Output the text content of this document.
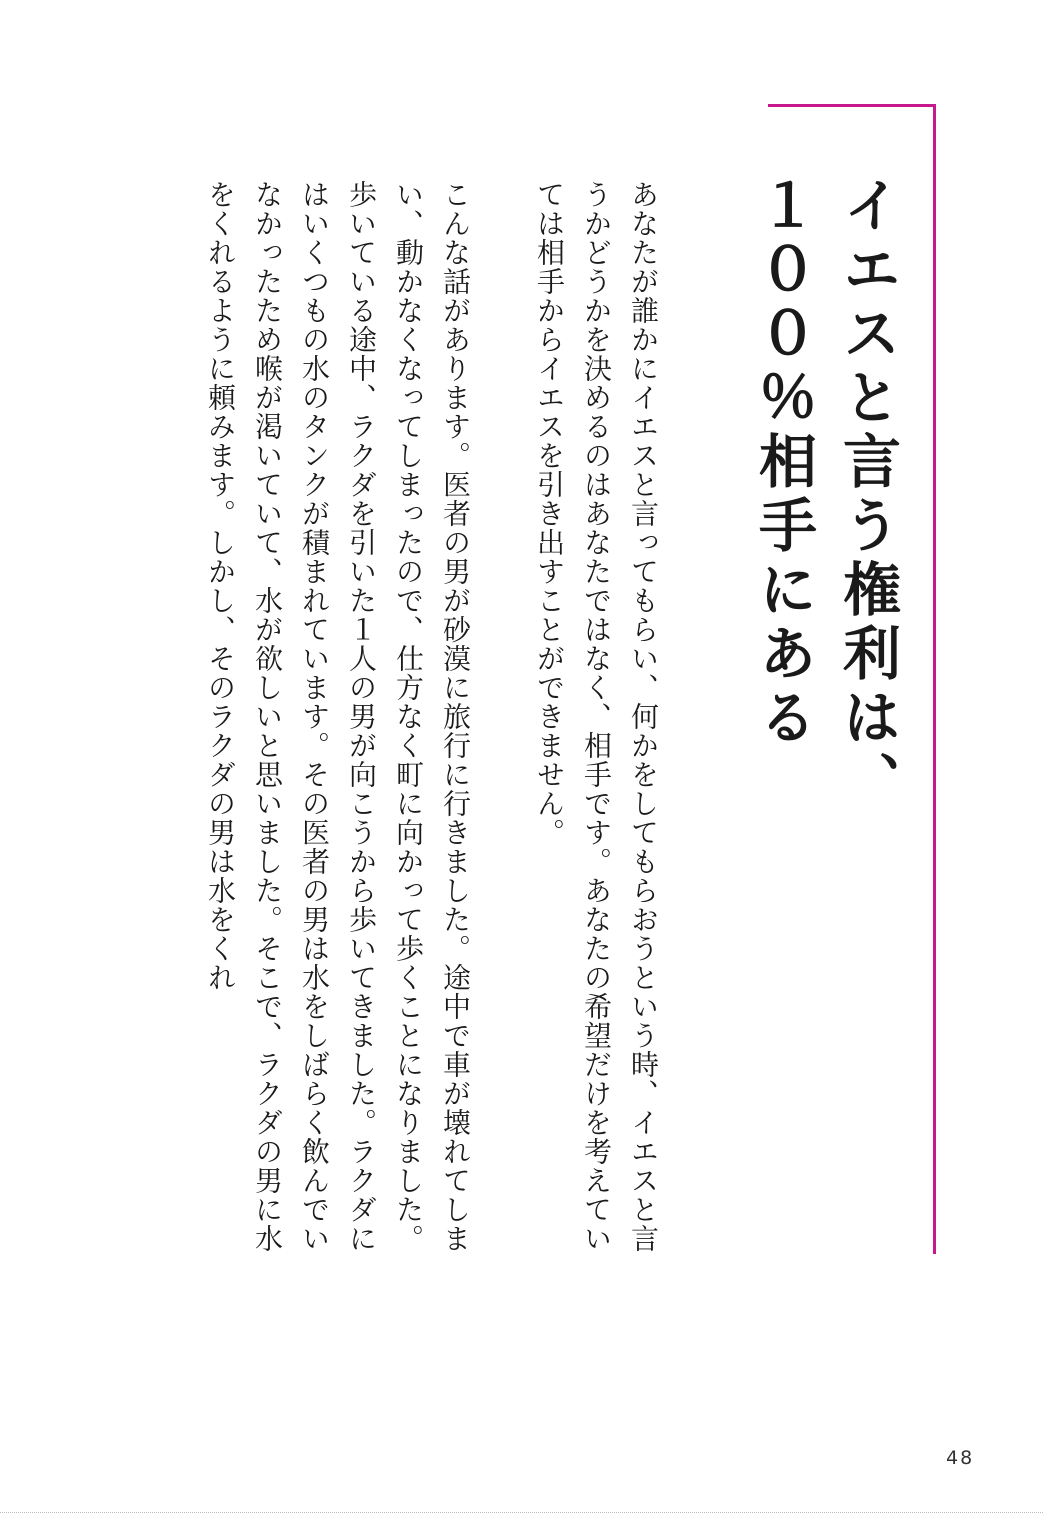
イエスと言う権利は、
１００％相手にある

あなたが誰かにイエスと言ってもらい、何かをしてもらおうという時、イエスと言うかどうかを決めるのはあなたではなく、相手です。あなたの希望だけを考えていては相手からイエスを引き出すことができません。

こんな話があります。医者の男が砂漠に旅行に行きました。途中で車が壊れてしまい、動かなくなってしまったので、仕方なく町に向かって歩くことになりました。歩いている途中、ラクダを引いた１人の男が向こうから歩いてきました。ラクダにはいくつもの水のタンクが積まれています。その医者の男は水をしばらく飲んでいなかったため喉が渇いていて、水が欲しいと思いました。そこで、ラクダの男に水をくれるように頼みます。しかし、そのラクダの男は水をくれ

48
